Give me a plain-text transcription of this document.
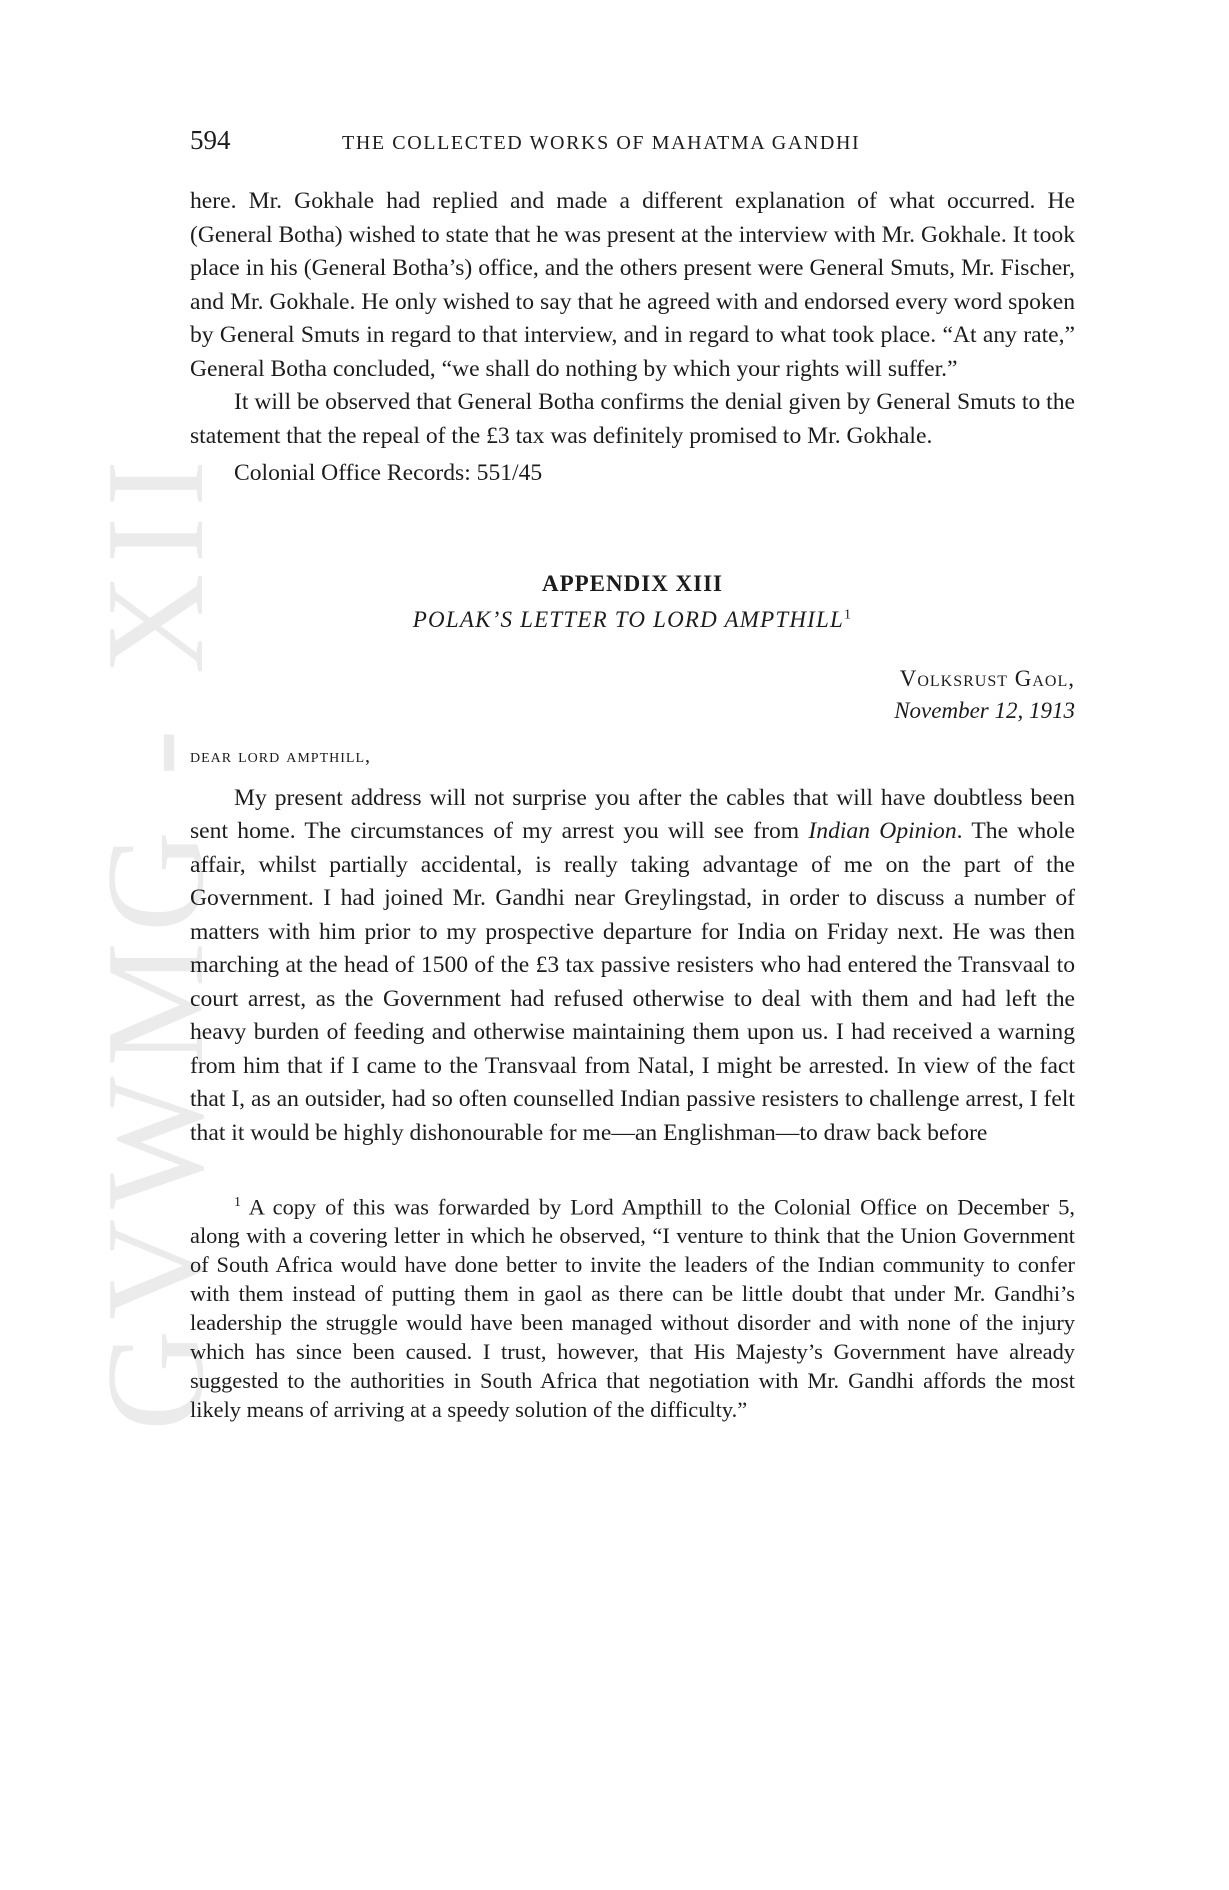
GVWMG - XII
594	THE COLLECTED WORKS OF MAHATMA GANDHI

here. Mr. Gokhale had replied and made a different explanation of what occurred. He (General Botha) wished to state that he was present at the interview with Mr. Gokhale. It took place in his (General Botha’s) office, and the others present were General Smuts, Mr. Fischer, and Mr. Gokhale. He only wished to say that he agreed with and endorsed every word spoken by General Smuts in regard to that interview, and in regard to what took place. “At any rate,” General Botha concluded, “we shall do nothing by which your rights will suffer.”

It will be observed that General Botha confirms the denial given by General Smuts to the statement that the repeal of the £3 tax was definitely promised to Mr. Gokhale.

Colonial Office Records: 551/45

APPENDIX XIII
POLAK’S LETTER TO LORD AMPTHILL$^1$
Volksrust Gaol,
November 12, 1913
dear lord ampthill,

My present address will not surprise you after the cables that will have doubtless been sent home. The circumstances of my arrest you will see from Indian Opinion. The whole affair, whilst partially accidental, is really taking advantage of me on the part of the Government. I had joined Mr. Gandhi near Greylingstad, in order to discuss a number of matters with him prior to my prospective departure for India on Friday next. He was then marching at the head of 1500 of the £3 tax passive resisters who had entered the Transvaal to court arrest, as the Government had refused otherwise to deal with them and had left the heavy burden of feeding and otherwise maintaining them upon us. I had received a warning from him that if I came to the Transvaal from Natal, I might be arrested. In view of the fact that I, as an outsider, had so often counselled Indian passive resisters to challenge arrest, I felt that it would be highly dishonourable for me—an Englishman—to draw back before

$^1$ A copy of this was forwarded by Lord Ampthill to the Colonial Office on December 5, along with a covering letter in which he observed, “I venture to think that the Union Government of South Africa would have done better to invite the leaders of the Indian community to confer with them instead of putting them in gaol as there can be little doubt that under Mr. Gandhi’s leadership the struggle would have been managed without disorder and with none of the injury which has since been caused. I trust, however, that His Majesty’s Government have already suggested to the authorities in South Africa that negotiation with Mr. Gandhi affords the most likely means of arriving at a speedy solution of the difficulty.”
